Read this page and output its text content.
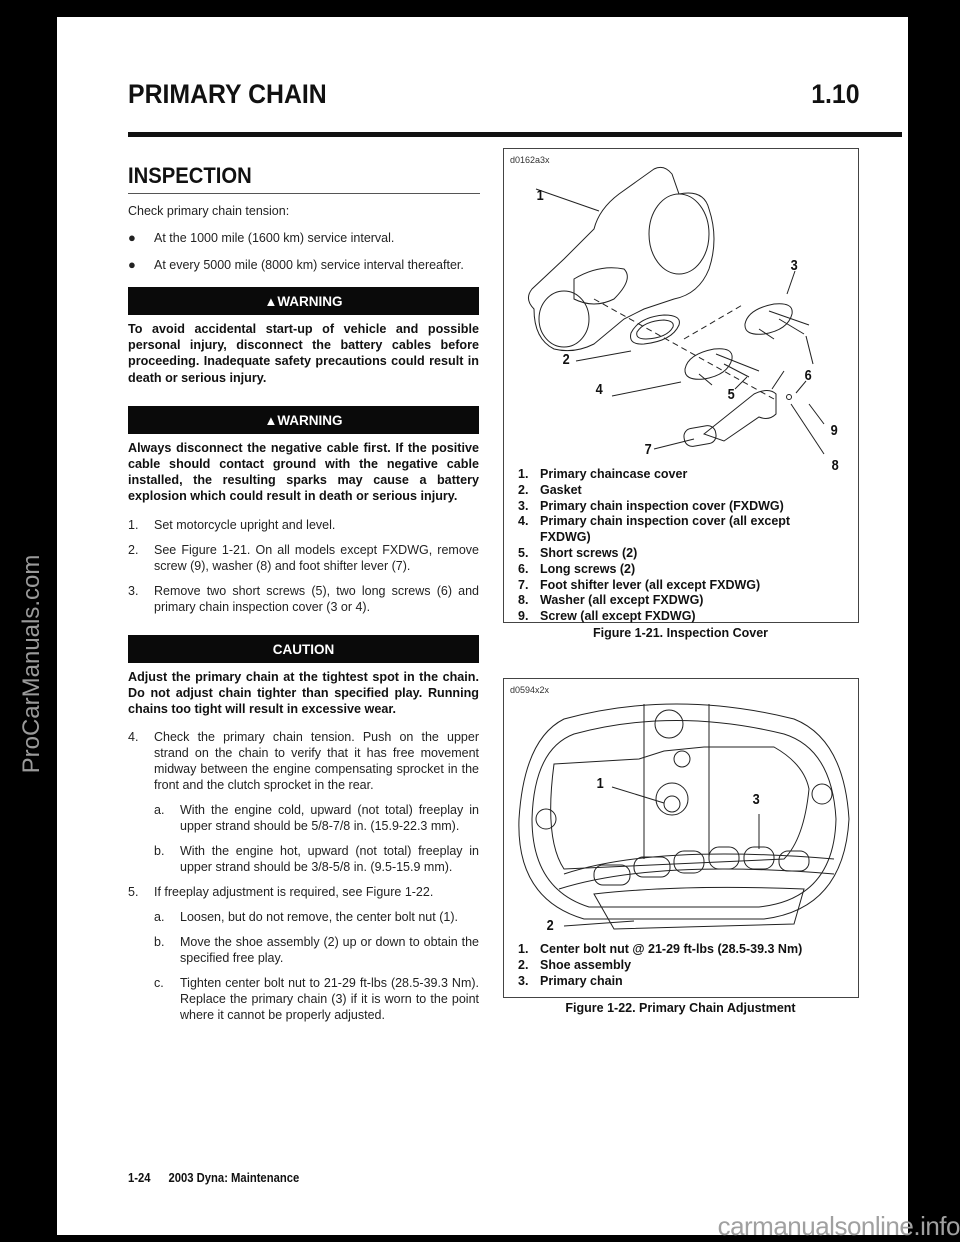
PRIMARY CHAIN	1.10
INSPECTION

Check primary chain tension:

●	At the 1000 mile (1600 km) service interval.
●	At every 5000 mile (8000 km) service interval thereafter.
▲WARNING

To avoid accidental start-up of vehicle and possible personal injury, disconnect the battery cables before proceeding. Inadequate safety precautions could result in death or serious injury.

▲WARNING

Always disconnect the negative cable first. If the positive cable should contact ground with the negative cable installed, the resulting sparks may cause a battery explosion which could result in death or serious injury.

1.	Set motorcycle upright and level.
2.	See Figure 1-21. On all models except FXDWG, remove screw (9), washer (8) and foot shifter lever (7).
3.	Remove two short screws (5), two long screws (6) and primary chain inspection cover (3 or 4).
CAUTION

Adjust the primary chain at the tightest spot in the chain. Do not adjust chain tighter than specified play. Running chains too tight will result in excessive wear.

4.	Check the primary chain tension. Push on the upper strand on the chain to verify that it has free movement midway between the engine compensating sprocket in the front and the clutch sprocket in the rear.
a.	With the engine cold, upward (not total) freeplay in upper strand should be 5/8-7/8 in. (15.9-22.3 mm).
b.	With the engine hot, upward (not total) freeplay in upper strand should be 3/8-5/8 in. (9.5-15.9 mm).
5.	If freeplay adjustment is required, see Figure 1-22.
a.	Loosen, but do not remove, the center bolt nut (1).
b.	Move the shoe assembly (2) up or down to obtain the specified free play.
c.	Tighten center bolt nut to 21-29 ft-lbs (28.5-39.3 Nm). Replace the primary chain (3) if it is worn to the point where it cannot be properly adjusted.
d0162a3x
1
2
3
4	5
6
7
8
9
1. Primary chaincase cover
2. Gasket
3. Primary chain inspection cover (FXDWG)
4. Primary chain inspection cover (all except FXDWG)
5. Short screws (2)
6. Long screws (2)
7. Foot shifter lever (all except FXDWG)
8. Washer (all except FXDWG)
9. Screw (all except FXDWG)
Figure 1-21. Inspection Cover
d0594x2x
1
2
3
1. Center bolt nut @ 21-29 ft-lbs (28.5-39.3 Nm)
2. Shoe assembly
3. Primary chain
Figure 1-22. Primary Chain Adjustment
1-24 2003 Dyna: Maintenance
ProCarManuals.com
carmanualsonline.info
